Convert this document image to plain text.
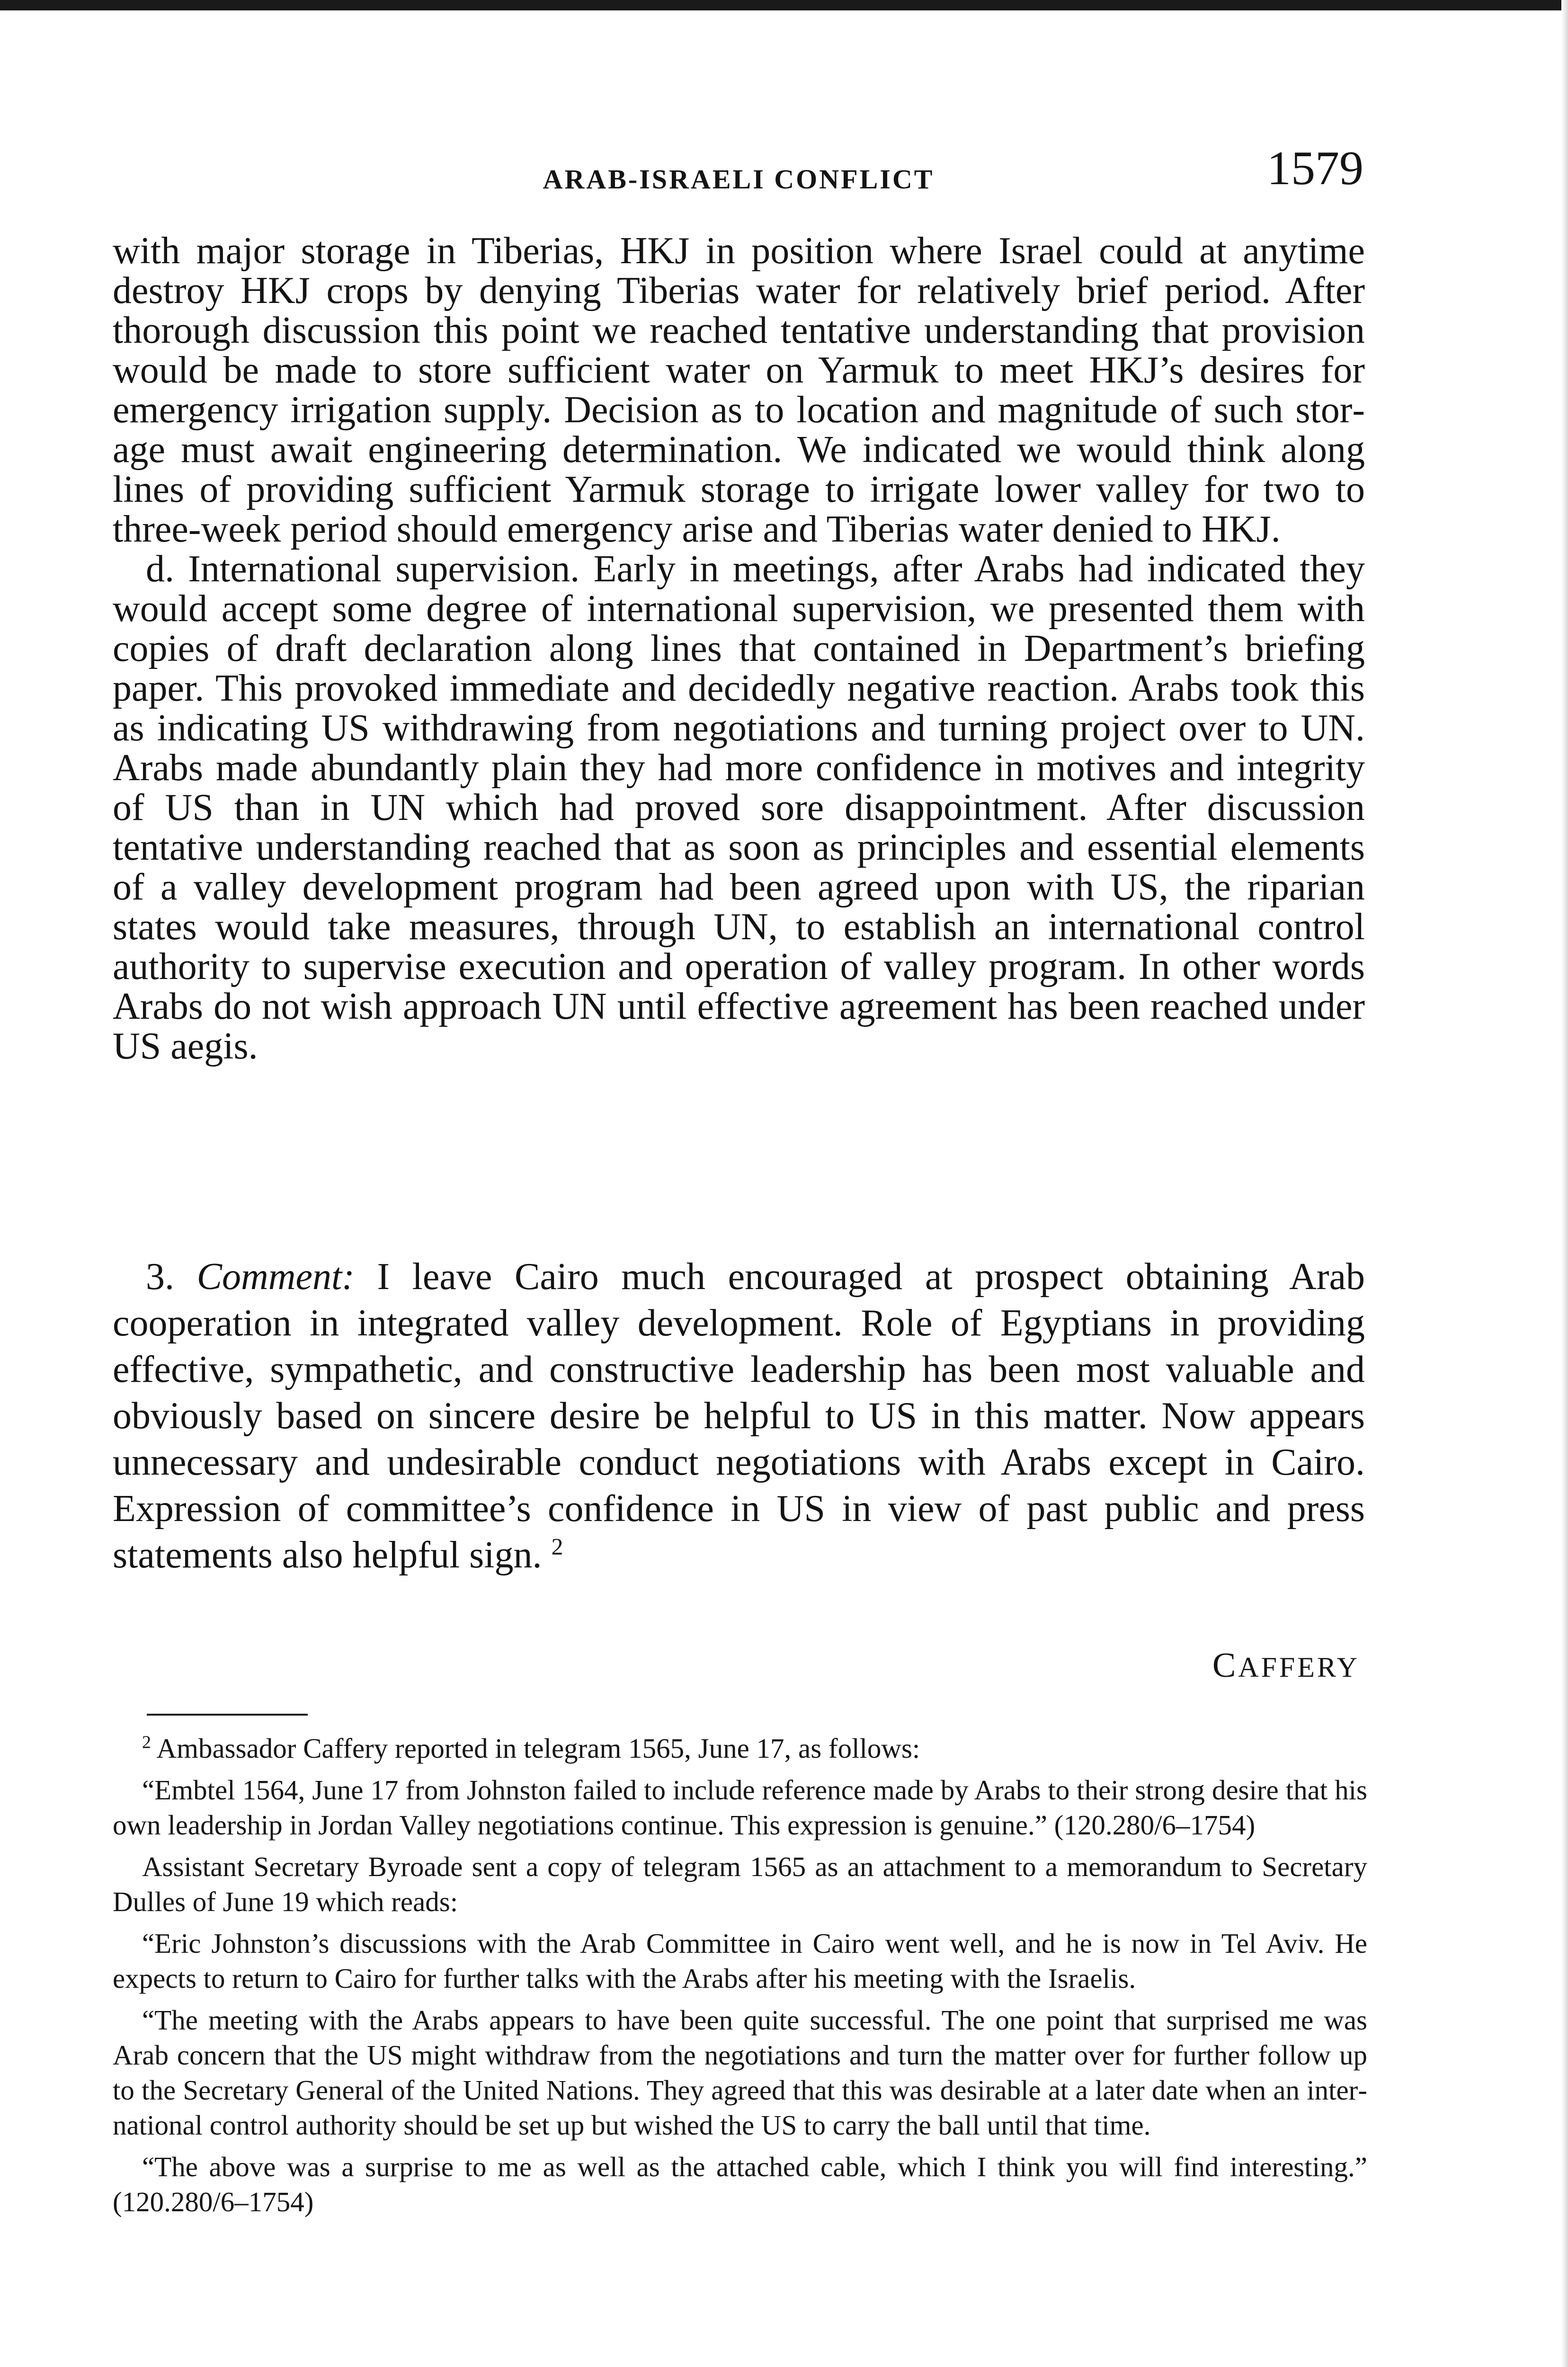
ARAB-ISRAELI CONFLICT	1579

with major storage in Tiberias, HKJ in position where Israel could at anytime destroy HKJ crops by denying Tiberias water for relatively brief period. After thorough discussion this point we reached tentative understanding that provision would be made to store sufficient water on Yarmuk to meet HKJ’s desires for emergency irrigation supply. Decision as to location and magnitude of such storage must await engineering determination. We indicated we would think along lines of providing sufficient Yarmuk storage to irrigate lower valley for two to three-week period should emergency arise and Tiberias water denied to HKJ.

d. International supervision. Early in meetings, after Arabs had indicated they would accept some degree of international supervision, we presented them with copies of draft declaration along lines that contained in Department’s briefing paper. This provoked immediate and decidedly negative reaction. Arabs took this as indicating US withdrawing from negotiations and turning project over to UN. Arabs made abundantly plain they had more confidence in motives and integrity of US than in UN which had proved sore disappointment. After discussion tentative understanding reached that as soon as principles and essential elements of a valley development program had been agreed upon with US, the riparian states would take measures, through UN, to establish an international control authority to supervise execution and operation of valley program. In other words Arabs do not wish approach UN until effective agreement has been reached under US aegis.

3. Comment: I leave Cairo much encouraged at prospect obtaining Arab cooperation in integrated valley development. Role of Egyptians in providing effective, sympathetic, and constructive leadership has been most valuable and obviously based on sincere desire be helpful to US in this matter. Now appears unnecessary and undesirable conduct negotiations with Arabs except in Cairo. Expression of committee’s confidence in US in view of past public and press statements also helpful sign. $^2$

CAFFERY

$^2$ Ambassador Caffery reported in telegram 1565, June 17, as follows:

“Embtel 1564, June 17 from Johnston failed to include reference made by Arabs to their strong desire that his own leadership in Jordan Valley negotiations continue. This expression is genuine.” (120.280/6–1754)

Assistant Secretary Byroade sent a copy of telegram 1565 as an attachment to a memorandum to Secretary Dulles of June 19 which reads:

“Eric Johnston’s discussions with the Arab Committee in Cairo went well, and he is now in Tel Aviv. He expects to return to Cairo for further talks with the Arabs after his meeting with the Israelis.

“The meeting with the Arabs appears to have been quite successful. The one point that surprised me was Arab concern that the US might withdraw from the negotiations and turn the matter over for further follow up to the Secretary General of the United Nations. They agreed that this was desirable at a later date when an international control authority should be set up but wished the US to carry the ball until that time.

“The above was a surprise to me as well as the attached cable, which I think you will find interesting.” (120.280/6–1754)
